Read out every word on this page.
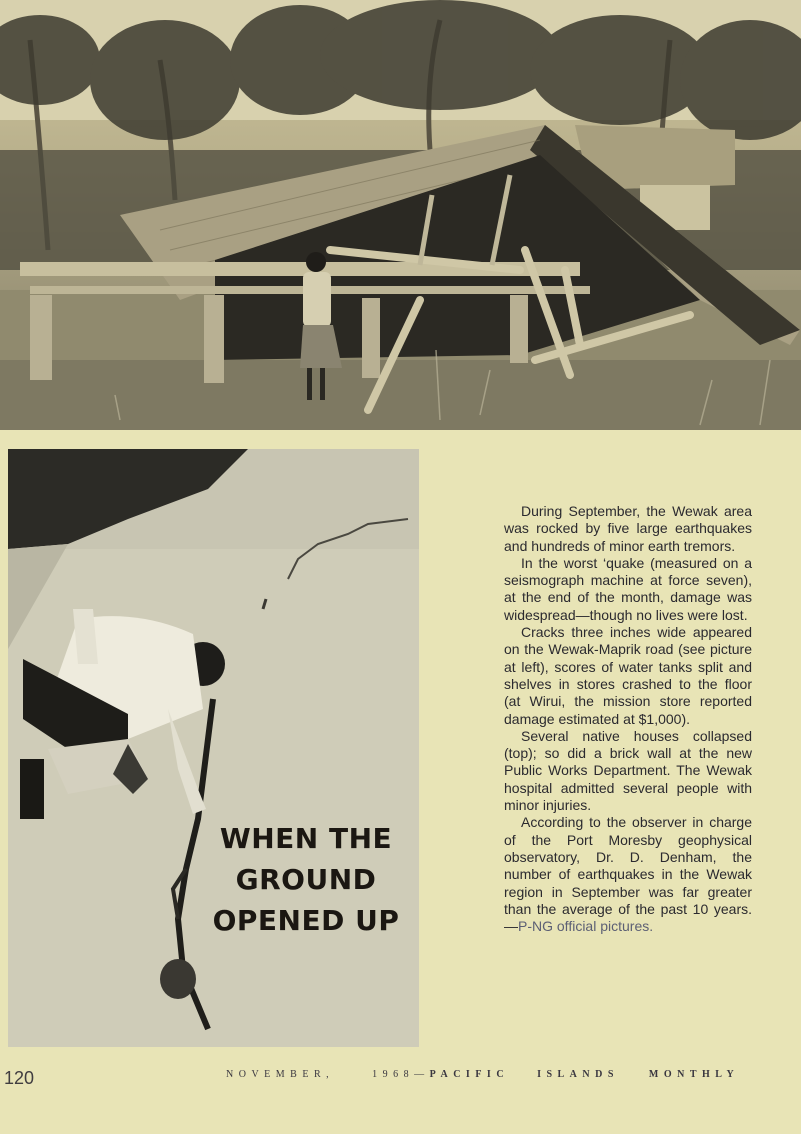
WHEN THE
GROUND
OPENED UP

During September, the Wewak area was rocked by five large earthquakes and hundreds of minor earth tremors.

In the worst ‘quake (measured on a seismograph machine at force seven), at the end of the month, damage was widespread—though no lives were lost.

Cracks three inches wide appeared on the Wewak-Maprik road (see picture at left), scores of water tanks split and shelves in stores crashed to the floor (at Wirui, the mission store reported damage estimated at $1,000).

Several native houses collapsed (top); so did a brick wall at the new Public Works Department. The Wewak hospital admitted several people with minor injuries.

According to the observer in charge of the Port Moresby geophysical observatory, Dr. D. Denham, the number of earthquakes in the Wewak region in September was far greater than the average of the past 10 years.—P-NG official pictures.

120	NOVEMBER,	1968—PACIFIC	ISLANDS	MONTHLY
